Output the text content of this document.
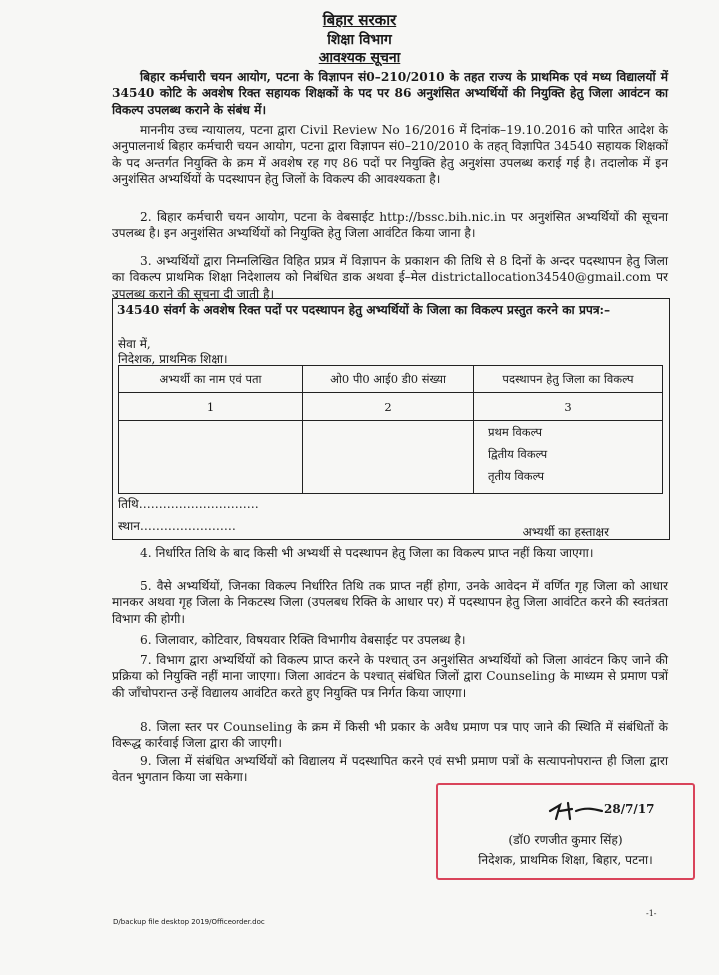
बिहार सरकार
शिक्षा विभाग
आवश्यक सूचना
बिहार कर्मचारी चयन आयोग, पटना के विज्ञापन सं0–210/2010 के तहत राज्य के प्राथमिक एवं मध्य विद्यालयों में 34540 कोटि के अवशेष रिक्त सहायक शिक्षकों के पद पर 86 अनुशंसित अभ्यर्थियों की नियुक्ति हेतु जिला आवंटन का विकल्प उपलब्ध कराने के संबंध में।
माननीय उच्च न्यायालय, पटना द्वारा Civil Review No 16/2016 में दिनांक–19.10.2016 को पारित आदेश के अनुपालनार्थ बिहार कर्मचारी चयन आयोग, पटना द्वारा विज्ञापन सं0–210/2010 के तहत् विज्ञापित 34540 सहायक शिक्षकों के पद अन्तर्गत नियुक्ति के क्रम में अवशेष रह गए 86 पदों पर नियुक्ति हेतु अनुशंसा उपलब्ध कराई गई है। तदालोक में इन अनुशंसित अभ्यर्थियों के पदस्थापन हेतु जिलों के विकल्प की आवश्यकता है।
2. बिहार कर्मचारी चयन आयोग, पटना के वेबसाईट http://bssc.bih.nic.in पर अनुशंसित अभ्यर्थियों की सूचना उपलब्ध है। इन अनुशंसित अभ्यर्थियों को नियुक्ति हेतु जिला आवंटित किया जाना है।
3. अभ्यर्थियों द्वारा निम्नलिखित विहित प्रप्रत्र में विज्ञापन के प्रकाशन की तिथि से 8 दिनों के अन्दर पदस्थापन हेतु जिला का विकल्प प्राथमिक शिक्षा निदेशालय को निबंधित डाक अथवा ई–मेल districtallocation34540@gmail.com पर उपलब्ध कराने की सूचना दी जाती है।
34540 संवर्ग के अवशेष रिक्त पदों पर पदस्थापन हेतु अभ्यर्थियों के जिला का विकल्प प्रस्तुत करने का प्रपत्र:–
सेवा में,
निदेशक, प्राथमिक शिक्षा।
अभ्यर्थी का नाम एवं पता	ओ0 पी0 आई0 डी0 संख्या	पदस्थापन हेतु जिला का विकल्प
1	2	3

		प्रथम विकल्प
द्वितीय विकल्प
तृतीय विकल्प
तिथि…………………………
स्थान……………………	अभ्यर्थी का हस्ताक्षर
4. निर्धारित तिथि के बाद किसी भी अभ्यर्थी से पदस्थापन हेतु जिला का विकल्प प्राप्त नहीं किया जाएगा।
5. वैसे अभ्यर्थियों, जिनका विकल्प निर्धारित तिथि तक प्राप्त नहीं होगा, उनके आवेदन में वर्णित गृह जिला को आधार मानकर अथवा गृह जिला के निकटस्थ जिला (उपलबध रिक्ति के आधार पर) में पदस्थापन हेतु जिला आवंटित करने की स्वतंत्रता विभाग की होगी।
6. जिलावार, कोटिवार, विषयवार रिक्ति विभागीय वेबसाईट पर उपलब्ध है।
7. विभाग द्वारा अभ्यर्थियों को विकल्प प्राप्त करने के पश्चात् उन अनुशंसित अभ्यर्थियों को जिला आवंटन किए जाने की प्रक्रिया को नियुक्ति नहीं माना जाएगा। जिला आवंटन के पश्चात् संबंधित जिलों द्वारा Counseling के माध्यम से प्रमाण पत्रों की जाँचोपरान्त उन्हें विद्यालय आवंटित करते हुए नियुक्ति पत्र निर्गत किया जाएगा।
8. जिला स्तर पर Counseling के क्रम में किसी भी प्रकार के अवैध प्रमाण पत्र पाए जाने की स्थिति में संबंधितों के विरूद्ध कार्रवाई जिला द्वारा की जाएगी।
9. जिला में संबंधित अभ्यर्थियों को विद्यालय में पदस्थापित करने एवं सभी प्रमाण पत्रों के सत्यापनोपरान्त ही जिला द्वारा वेतन भुगतान किया जा सकेगा।
28/7/17
(डॉ0 रणजीत कुमार सिंह)
निदेशक, प्राथमिक शिक्षा, बिहार, पटना।
-1-
D/backup file desktop 2019/Officeorder.doc
